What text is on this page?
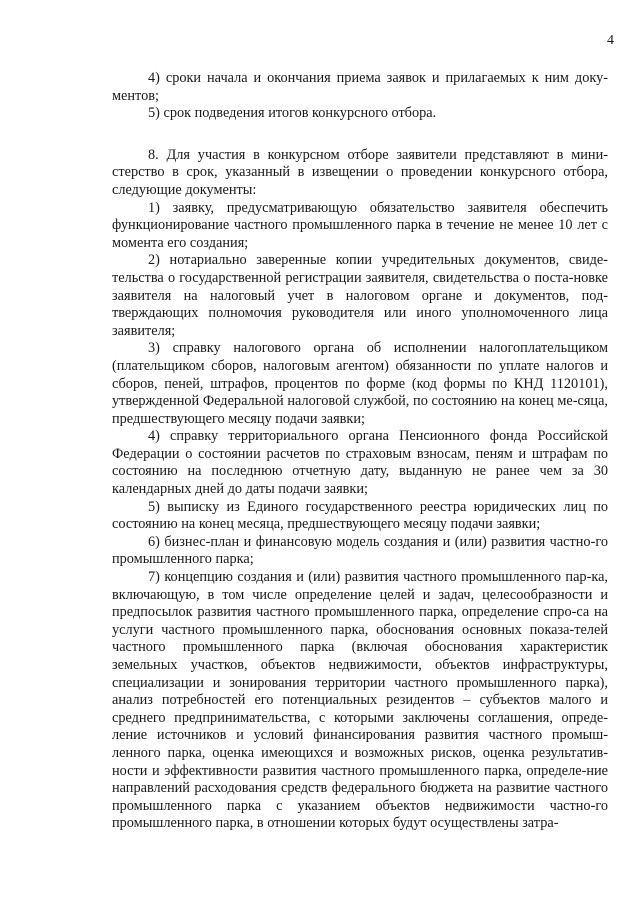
4

4) сроки начала и окончания приема заявок и прилагаемых к ним доку-ментов;

5) срок подведения итогов конкурсного отбора.

8. Для участия в конкурсном отборе заявители представляют в мини-стерство в срок, указанный в извещении о проведении конкурсного отбора, следующие документы:

1) заявку, предусматривающую обязательство заявителя обеспечить функционирование частного промышленного парка в течение не менее 10 лет с момента его создания;

2) нотариально заверенные копии учредительных документов, свиде-тельства о государственной регистрации заявителя, свидетельства о поста-новке заявителя на налоговый учет в налоговом органе и документов, под-тверждающих полномочия руководителя или иного уполномоченного лица заявителя;

3) справку налогового органа об исполнении налогоплательщиком (плательщиком сборов, налоговым агентом) обязанности по уплате налогов и сборов, пеней, штрафов, процентов по форме (код формы по КНД 1120101), утвержденной Федеральной налоговой службой, по состоянию на конец ме-сяца, предшествующего месяцу подачи заявки;

4) справку территориального органа Пенсионного фонда Российской Федерации о состоянии расчетов по страховым взносам, пеням и штрафам по состоянию на последнюю отчетную дату, выданную не ранее чем за 30 календарных дней до даты подачи заявки;

5) выписку из Единого государственного реестра юридических лиц по состоянию на конец месяца, предшествующего месяцу подачи заявки;

6) бизнес-план и финансовую модель создания и (или) развития частно-го промышленного парка;

7) концепцию создания и (или) развития частного промышленного пар-ка, включающую, в том числе определение целей и задач, целесообразности и предпосылок развития частного промышленного парка, определение спро-са на услуги частного промышленного парка, обоснования основных показа-телей частного промышленного парка (включая обоснования характеристик земельных участков, объектов недвижимости, объектов инфраструктуры, специализации и зонирования территории частного промышленного парка), анализ потребностей его потенциальных резидентов – субъектов малого и среднего предпринимательства, с которыми заключены соглашения, опреде-ление источников и условий финансирования развития частного промыш-ленного парка, оценка имеющихся и возможных рисков, оценка результатив-ности и эффективности развития частного промышленного парка, определе-ние направлений расходования средств федерального бюджета на развитие частного промышленного парка с указанием объектов недвижимости частно-го промышленного парка, в отношении которых будут осуществлены затра-
